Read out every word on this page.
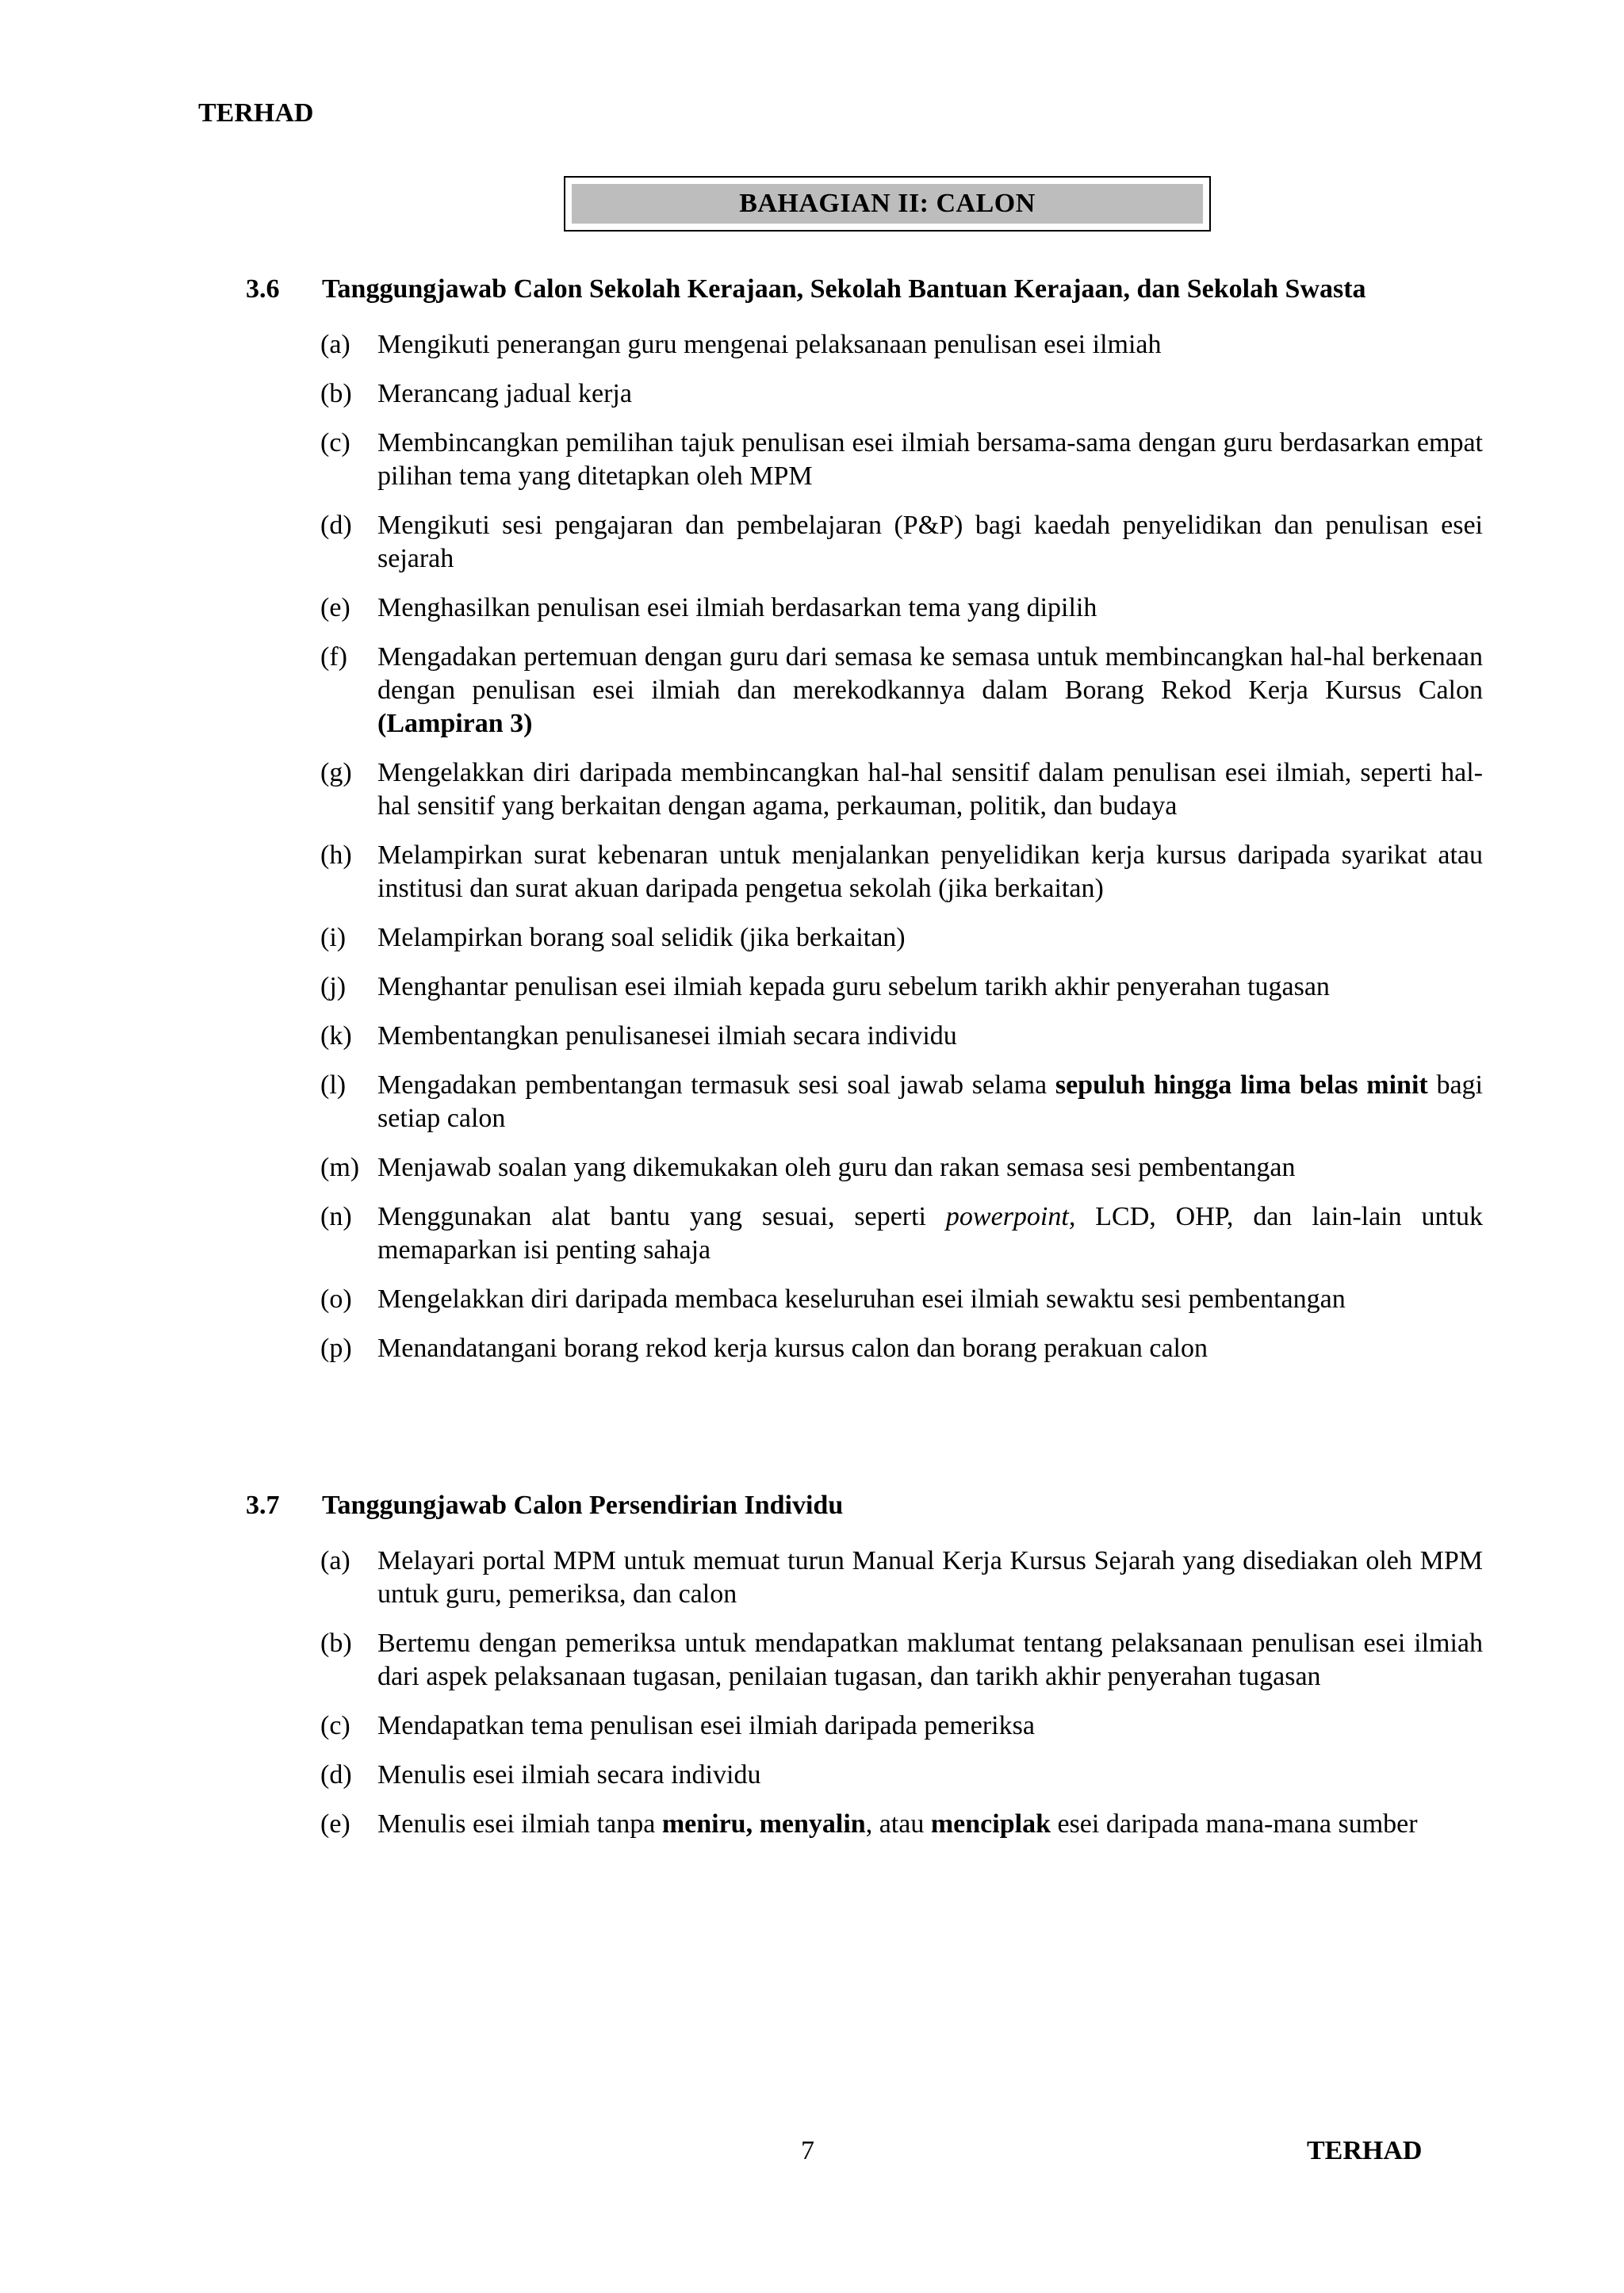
TERHAD
BAHAGIAN II: CALON
3.6 Tanggungjawab Calon Sekolah Kerajaan, Sekolah Bantuan Kerajaan, dan Sekolah Swasta
(a) Mengikuti penerangan guru mengenai pelaksanaan penulisan esei ilmiah
(b) Merancang jadual kerja
(c) Membincangkan pemilihan tajuk penulisan esei ilmiah bersama-sama dengan guru berdasarkan empat pilihan tema yang ditetapkan oleh MPM
(d) Mengikuti sesi pengajaran dan pembelajaran (P&P) bagi kaedah penyelidikan dan penulisan esei sejarah
(e) Menghasilkan penulisan esei ilmiah berdasarkan tema yang dipilih
(f) Mengadakan pertemuan dengan guru dari semasa ke semasa untuk membincangkan hal-hal berkenaan dengan penulisan esei ilmiah dan merekodkannya dalam Borang Rekod Kerja Kursus Calon (Lampiran 3)
(g) Mengelakkan diri daripada membincangkan hal-hal sensitif dalam penulisan esei ilmiah, seperti hal-hal sensitif yang berkaitan dengan agama, perkauman, politik, dan budaya
(h) Melampirkan surat kebenaran untuk menjalankan penyelidikan kerja kursus daripada syarikat atau institusi dan surat akuan daripada pengetua sekolah (jika berkaitan)
(i) Melampirkan borang soal selidik (jika berkaitan)
(j) Menghantar penulisan esei ilmiah kepada guru sebelum tarikh akhir penyerahan tugasan
(k) Membentangkan penulisanesei ilmiah secara individu
(l) Mengadakan pembentangan termasuk sesi soal jawab selama sepuluh hingga lima belas minit bagi setiap calon
(m) Menjawab soalan yang dikemukakan oleh guru dan rakan semasa sesi pembentangan
(n) Menggunakan alat bantu yang sesuai, seperti powerpoint, LCD, OHP, dan lain-lain untuk memaparkan isi penting sahaja
(o) Mengelakkan diri daripada membaca keseluruhan esei ilmiah sewaktu sesi pembentangan
(p) Menandatangani borang rekod kerja kursus calon dan borang perakuan calon
3.7 Tanggungjawab Calon Persendirian Individu
(a) Melayari portal MPM untuk memuat turun Manual Kerja Kursus Sejarah yang disediakan oleh MPM untuk guru, pemeriksa, dan calon
(b) Bertemu dengan pemeriksa untuk mendapatkan maklumat tentang pelaksanaan penulisan esei ilmiah dari aspek pelaksanaan tugasan, penilaian tugasan, dan tarikh akhir penyerahan tugasan
(c) Mendapatkan tema penulisan esei ilmiah daripada pemeriksa
(d) Menulis esei ilmiah secara individu
(e) Menulis esei ilmiah tanpa meniru, menyalin, atau menciplak esei daripada mana-mana sumber
7	TERHAD
